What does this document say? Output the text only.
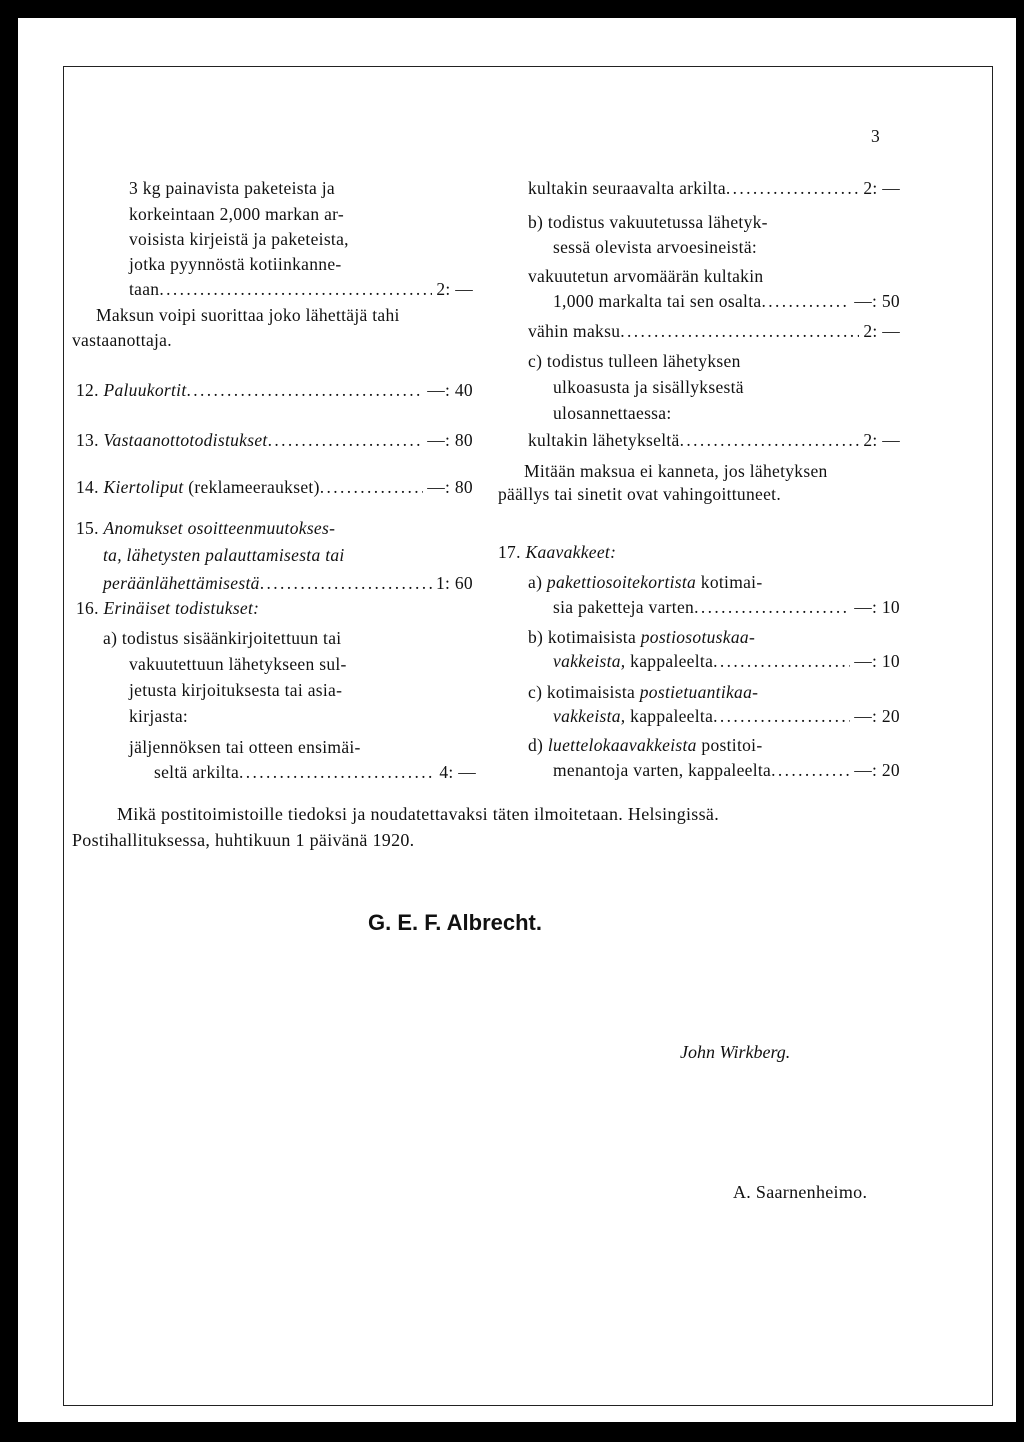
3
3 kg painavista paketeista ja
korkeintaan 2,000 markan ar-
voisista kirjeistä ja paketeista,
jotka pyynnöstä kotiinkanne-
taan . . .	2: —
Maksun voipi suorittaa joko lähettäjä tahi
vastaanottaja.
12. Paluukortit . . .	—: 40
13. Vastaanottotodistukset . . .	—: 80
14. Kiertoliput (reklameeraukset) . . .	—: 80
15. Anomukset osoitteenmuutokses-
ta, lähetysten palauttamisesta tai
peräänlähettämisestä . . .	1: 60
16. Erinäiset todistukset:
a) todistus sisäänkirjoitettuun tai
vakuutettuun lähetykseen sul-
jetusta kirjoituksesta tai asia-
kirjasta:
jäljennöksen tai otteen ensimäi-
seltä arkilta . . .	4: —
kultakin seuraavalta arkilta . . .	2: —
b) todistus vakuutetussa lähetyk-
sessä olevista arvoesineistä:
vakuutetun arvomäärän kultakin
1,000 markalta tai sen osalta . . .	—: 50
vähin maksu . . .	2: —
c) todistus tulleen lähetyksen
ulkoasusta ja sisällyksestä
ulosannettaessa:
kultakin lähetykseltä . . .	2: —
Mitään maksua ei kanneta, jos lähetyksen
päällys tai sinetit ovat vahingoittuneet.
17. Kaavakkeet:
a) pakettiosoitekortista kotimai-
sia paketteja varten . . .	—: 10
b) kotimaisista postiosotuskaa-
vakkeista, kappaleelta . . .	—: 10
c) kotimaisista postietuantikaa-
vakkeista, kappaleelta . . .	—: 20
d) luettelokaavakkeista postitoi-
menantoja varten, kappaleelta . . .	—: 20
Mikä postitoimistoille tiedoksi ja noudatettavaksi täten ilmoitetaan. Helsingissä.
Postihallituksessa, huhtikuun 1 päivänä 1920.
G. E. F. Albrecht.
John Wirkberg.
A. Saarnenheimo.
